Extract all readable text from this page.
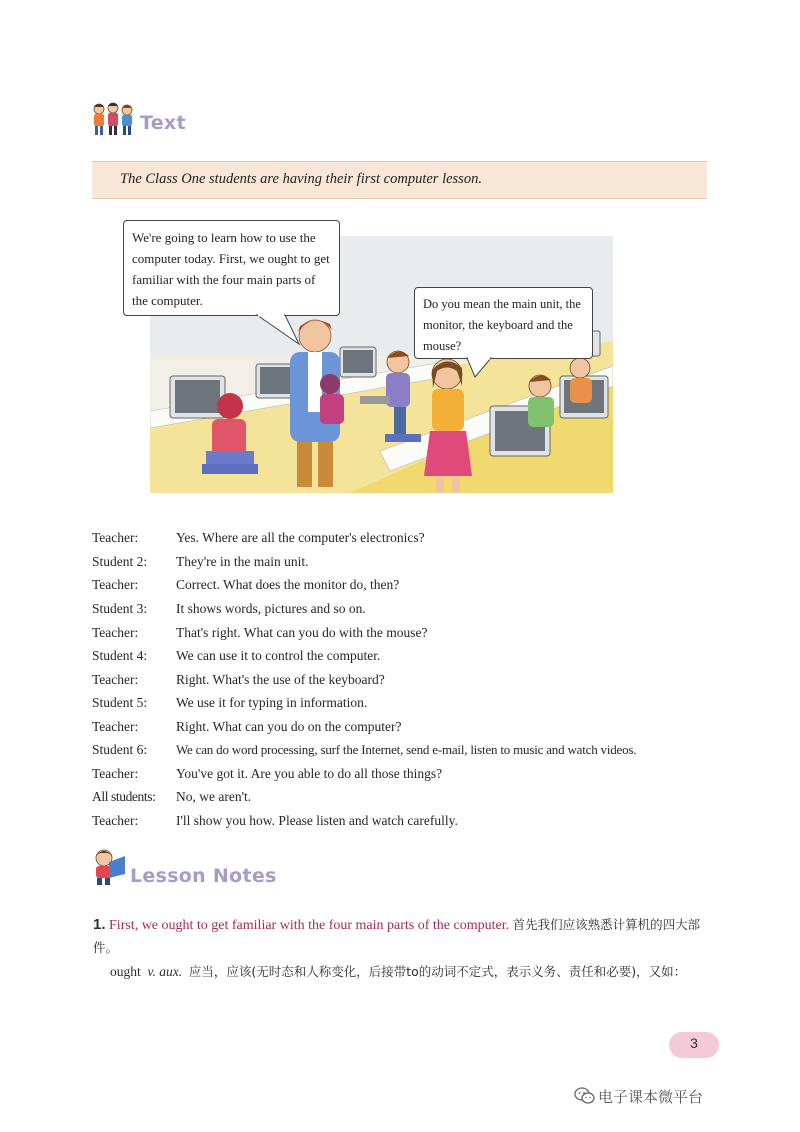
Text
The Class One students are having their first computer lesson.
We're going to learn how to use the computer today. First, we ought to get familiar with the four main parts of the computer.	Do you mean the main unit, the monitor, the keyboard and the mouse?
Teacher:	Yes. Where are all the computer's electronics?
Student 2: They're in the main unit.
Teacher:	Correct. What does the monitor do, then?
Student 3: It shows words, pictures and so on.
Teacher:	That's right. What can you do with the mouse?
Student 4: We can use it to control the computer.
Teacher:	Right. What's the use of the keyboard?
Student 5: We use it for typing in information.
Teacher:	Right. What can you do on the computer?
Student 6: We can do word processing, surf the Internet, send e-mail, listen to music and watch videos.
Teacher:	You've got it. Are you able to do all those things?
All students: No, we aren't.
Teacher:	I'll show you how. Please listen and watch carefully.
Lesson Notes
1. First, we ought to get familiar with the four main parts of the computer. 首先我们应该熟悉计算机的四大部件。
ought v. aux. 应当，应该(无时态和人称变化，后接带to的动词不定式，表示义务、责任和必要)，又如：
3
电子课本微平台
